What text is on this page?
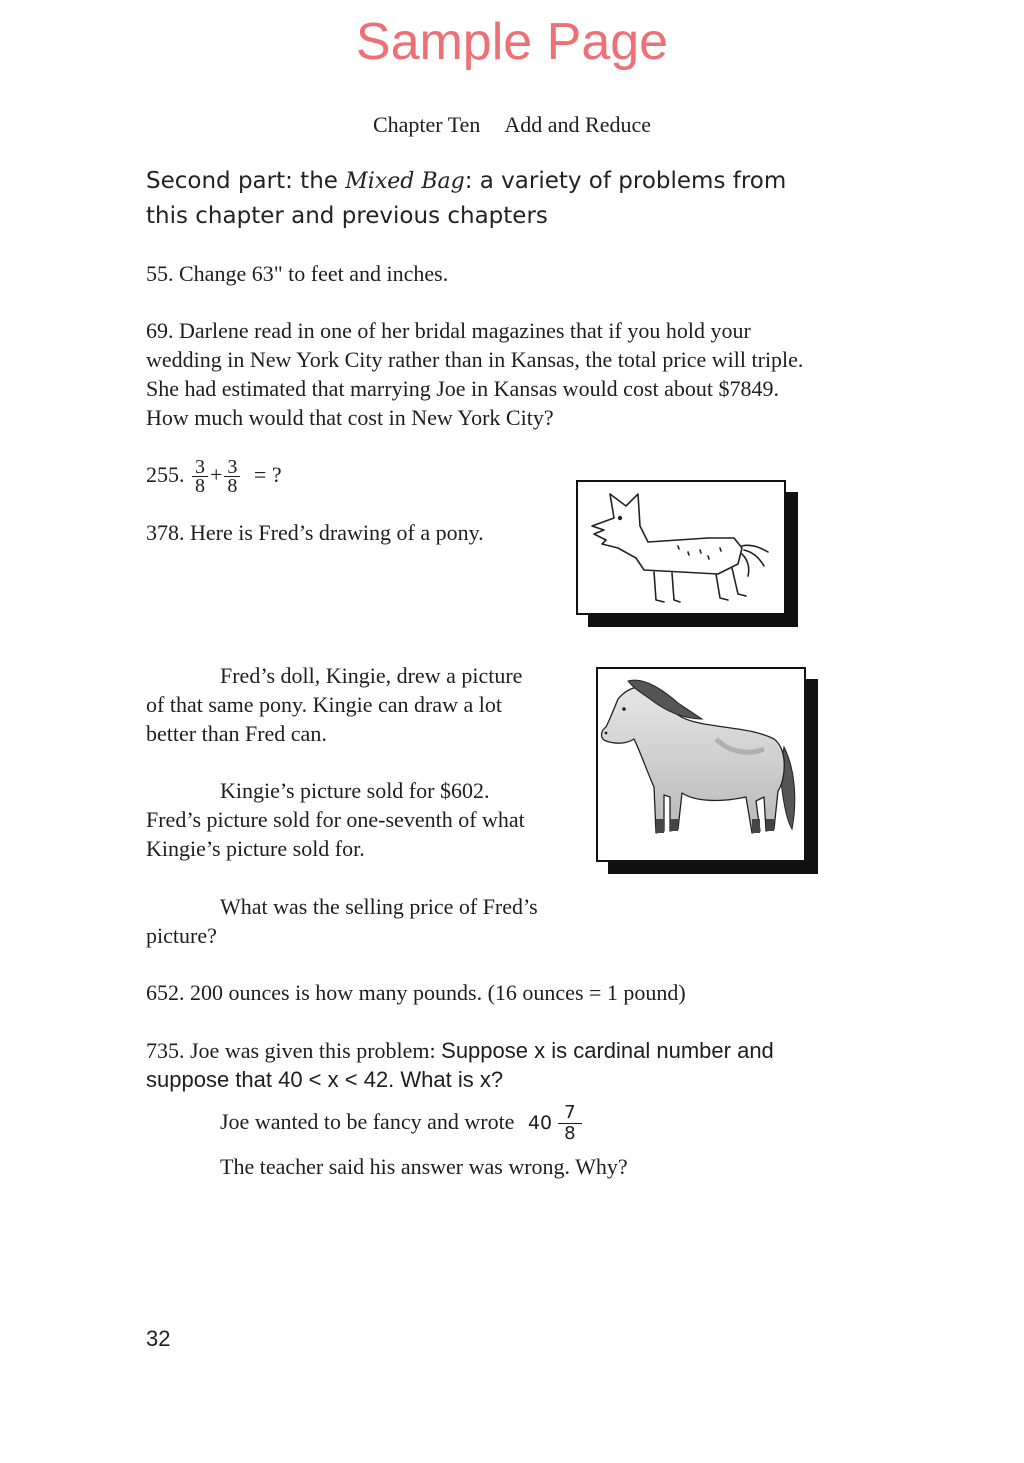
Sample Page
Chapter Ten Add and Reduce
Second part: the Mixed Bag: a variety of problems from
this chapter and previous chapters
55. Change 63" to feet and inches.
69. Darlene read in one of her bridal magazines that if you hold your
wedding in New York City rather than in Kansas, the total price will triple.
She had estimated that marrying Joe in Kansas would cost about $7849.
How much would that cost in New York City?
255. $\frac{3}{8} + \frac{3}{8}$ = ?
378. Here is Fred’s drawing of a pony.
Fred’s doll, Kingie, drew a picture
of that same pony. Kingie can draw a lot
better than Fred can.
Kingie’s picture sold for $602.
Fred’s picture sold for one-seventh of what
Kingie’s picture sold for.
What was the selling price of Fred’s
picture?
652. 200 ounces is how many pounds. (16 ounces = 1 pound)
735. Joe was given this problem: Suppose x is cardinal number and
suppose that 40 < x < 42. What is x?
Joe wanted to be fancy and wrote $40 \frac{7}{8}$
The teacher said his answer was wrong. Why?
32
